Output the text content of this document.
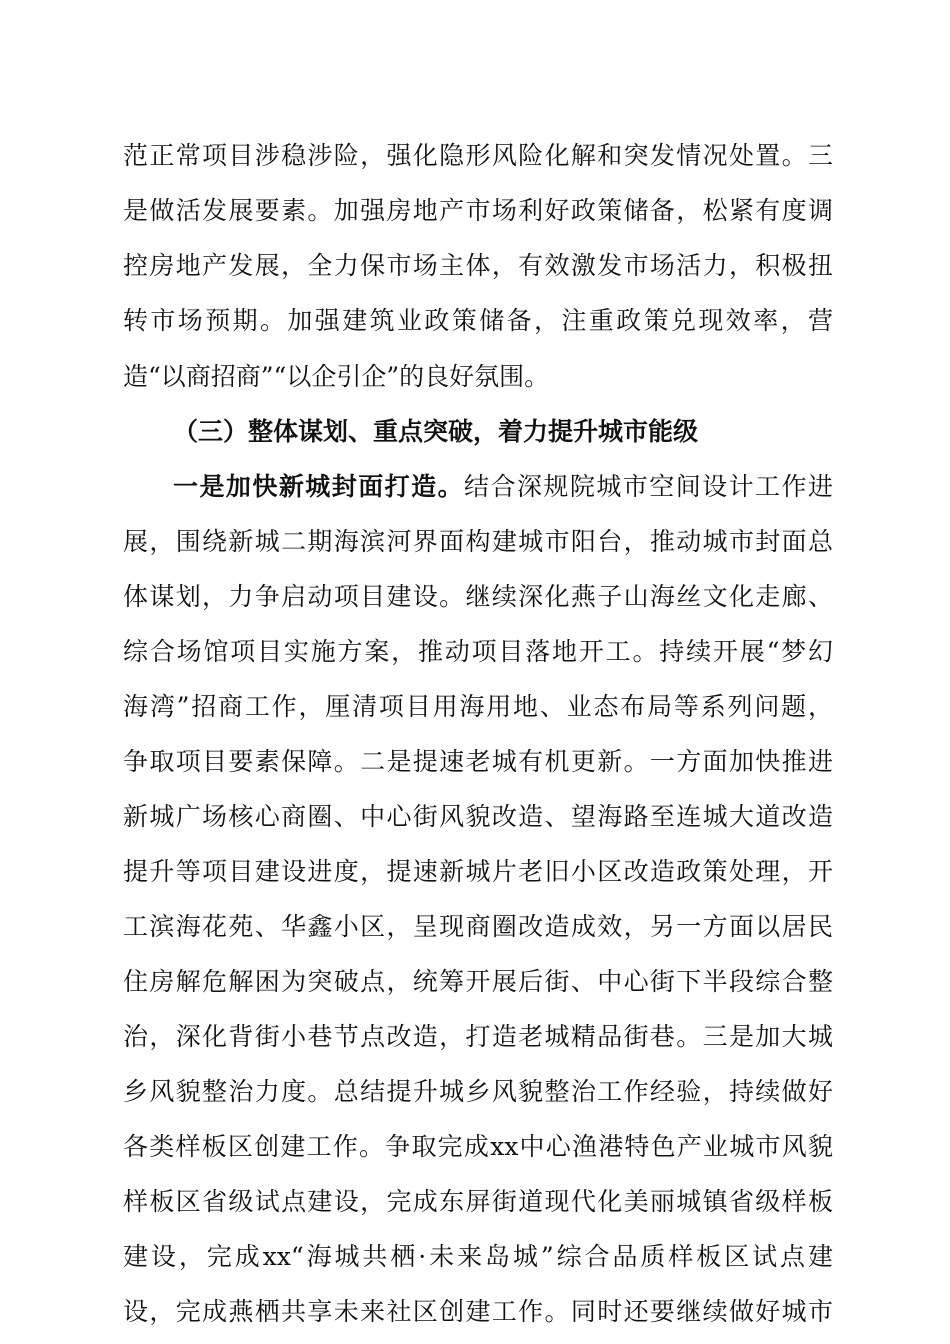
范正常项目涉稳涉险，强化隐形风险化解和突发情况处置。三
是做活发展要素。加强房地产市场利好政策储备，松紧有度调
控房地产发展，全力保市场主体，有效激发市场活力，积极扭
转市场预期。加强建筑业政策储备，注重政策兑现效率，营
造“以商招商”“以企引企”的良好氛围。
（三）整体谋划、重点突破，着力提升城市能级
一是加快新城封面打造。结合深规院城市空间设计工作进
展，围绕新城二期海滨河界面构建城市阳台，推动城市封面总
体谋划，力争启动项目建设。继续深化燕子山海丝文化走廊、
综合场馆项目实施方案，推动项目落地开工。持续开展“梦幻
海湾”招商工作，厘清项目用海用地、业态布局等系列问题，
争取项目要素保障。二是提速老城有机更新。一方面加快推进
新城广场核心商圈、中心街风貌改造、望海路至连城大道改造
提升等项目建设进度，提速新城片老旧小区改造政策处理，开
工滨海花苑、华鑫小区，呈现商圈改造成效，另一方面以居民
住房解危解困为突破点，统筹开展后街、中心街下半段综合整
治，深化背街小巷节点改造，打造老城精品街巷。三是加大城
乡风貌整治力度。总结提升城乡风貌整治工作经验，持续做好
各类样板区创建工作。争取完成xx中心渔港特色产业城市风貌
样板区省级试点建设，完成东屏街道现代化美丽城镇省级样板
建设，完成xx“海城共栖·未来岛城”综合品质样板区试点建
设，完成燕栖共享未来社区创建工作。同时还要继续做好城市
